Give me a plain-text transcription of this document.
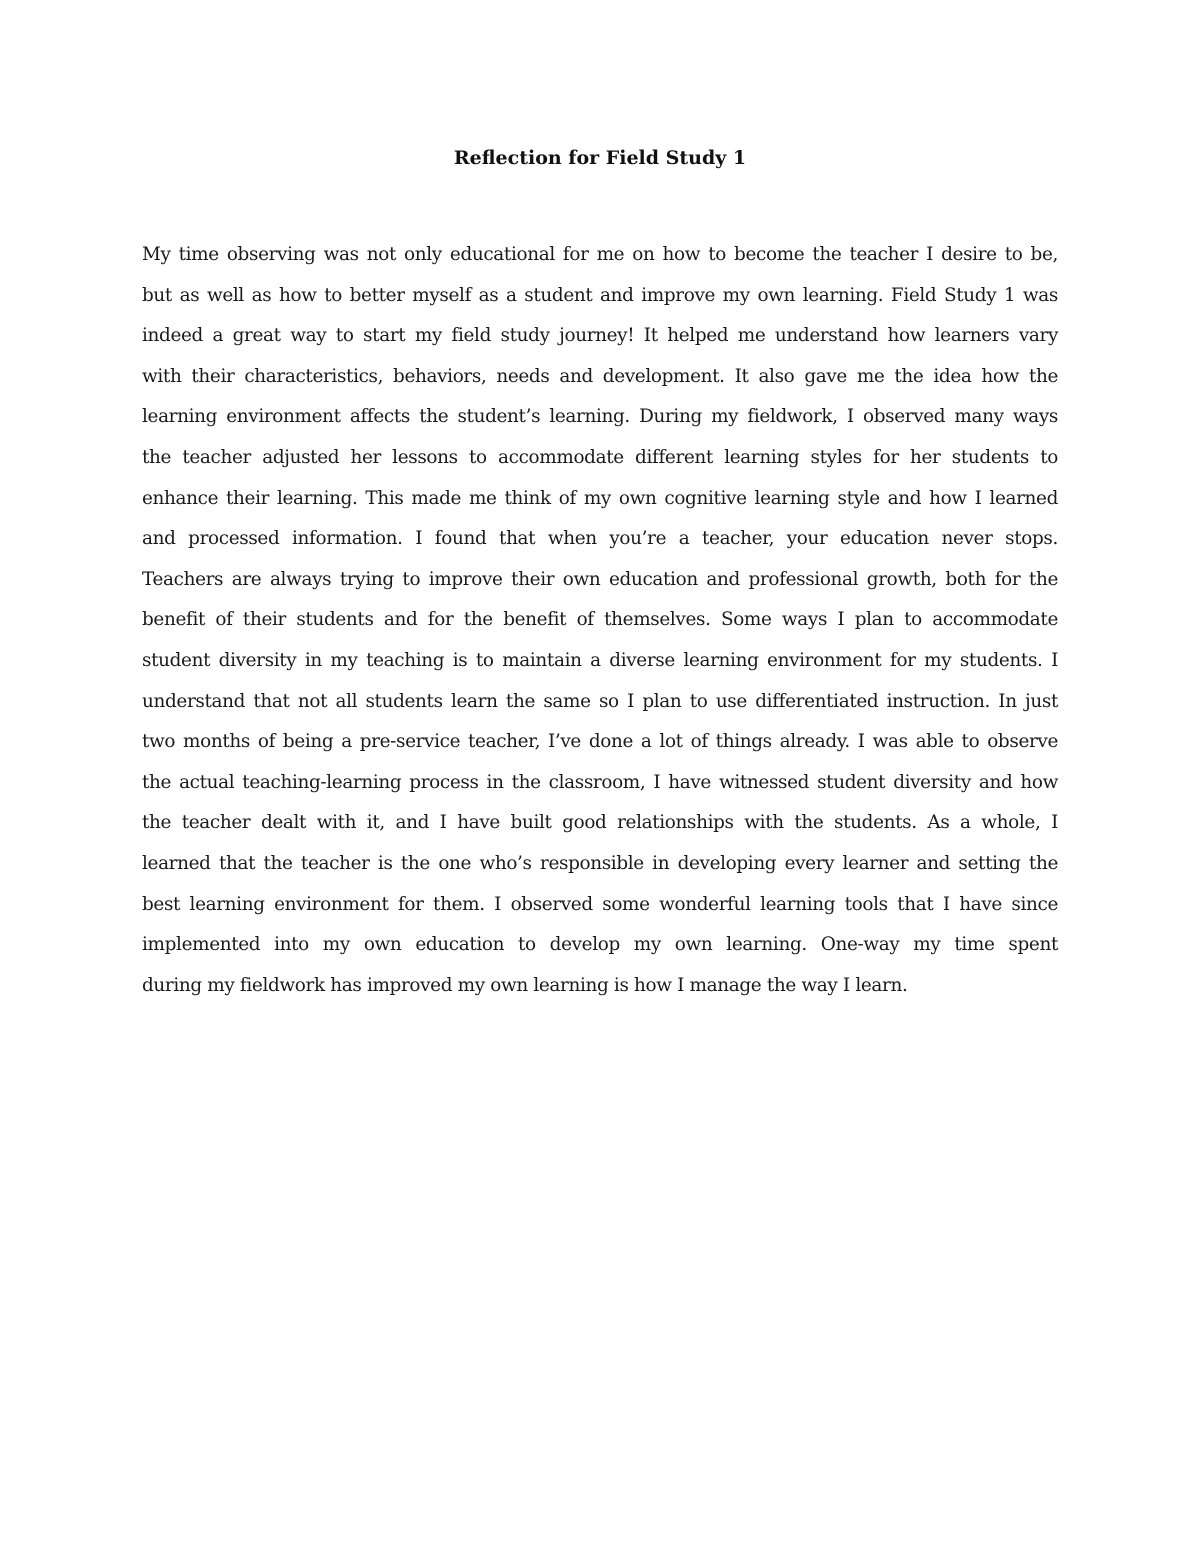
Reflection for Field Study 1
My time observing was not only educational for me on how to become the teacher I desire to be,
but as well as how to better myself as a student and improve my own learning. Field Study 1 was
indeed a great way to start my field study journey! It helped me understand how learners vary
with their characteristics, behaviors, needs and development. It also gave me the idea how the
learning environment affects the student’s learning. During my fieldwork, I observed many ways
the teacher adjusted her lessons to accommodate different learning styles for her students to
enhance their learning. This made me think of my own cognitive learning style and how I learned
and processed information. I found that when you’re a teacher, your education never stops.
Teachers are always trying to improve their own education and professional growth, both for the
benefit of their students and for the benefit of themselves. Some ways I plan to accommodate
student diversity in my teaching is to maintain a diverse learning environment for my students. I
understand that not all students learn the same so I plan to use differentiated instruction. In just
two months of being a pre-service teacher, I’ve done a lot of things already. I was able to observe
the actual teaching-learning process in the classroom, I have witnessed student diversity and how
the teacher dealt with it, and I have built good relationships with the students. As a whole, I
learned that the teacher is the one who’s responsible in developing every learner and setting the
best learning environment for them. I observed some wonderful learning tools that I have since
implemented into my own education to develop my own learning. One-way my time spent
during my fieldwork has improved my own learning is how I manage the way I learn.
